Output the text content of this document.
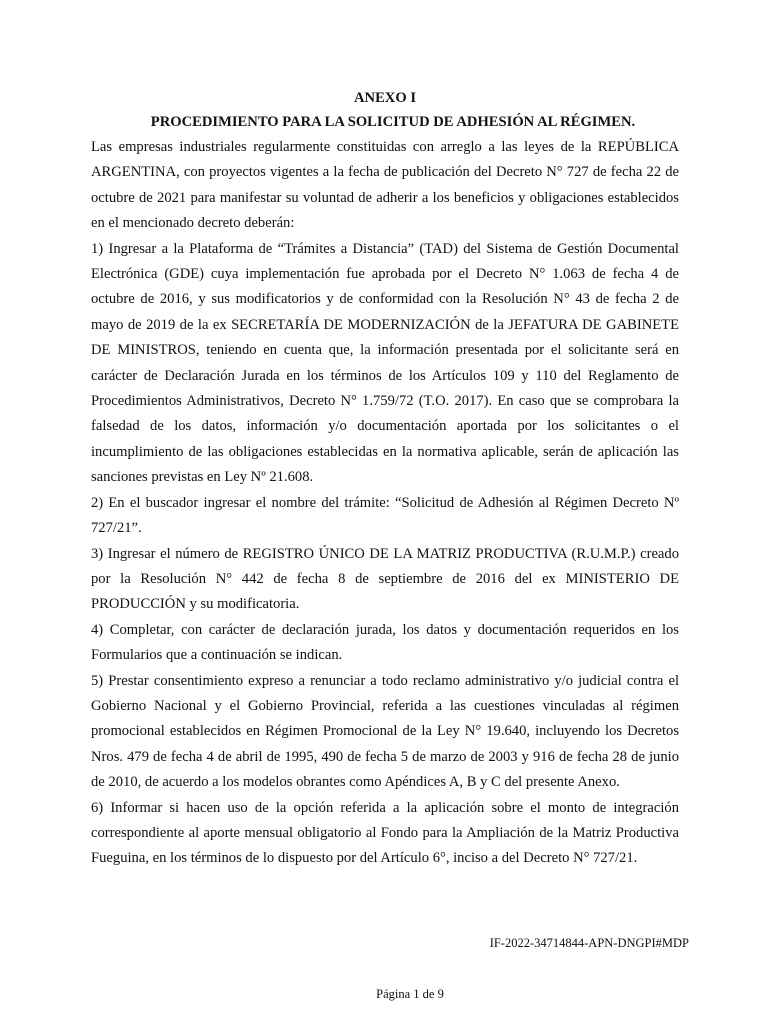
ANEXO I

PROCEDIMIENTO PARA LA SOLICITUD DE ADHESIÓN AL RÉGIMEN.

Las empresas industriales regularmente constituidas con arreglo a las leyes de la REPÚBLICA ARGENTINA, con proyectos vigentes a la fecha de publicación del Decreto N° 727 de fecha 22 de octubre de 2021 para manifestar su voluntad de adherir a los beneficios y obligaciones establecidos en el mencionado decreto deberán:

1) Ingresar a la Plataforma de “Trámites a Distancia” (TAD) del Sistema de Gestión Documental Electrónica (GDE) cuya implementación fue aprobada por el Decreto N° 1.063 de fecha 4 de octubre de 2016, y sus modificatorios y de conformidad con la Resolución N° 43 de fecha 2 de mayo de 2019 de la ex SECRETARÍA DE MODERNIZACIÓN de la JEFATURA DE GABINETE DE MINISTROS, teniendo en cuenta que, la información presentada por el solicitante será en carácter de Declaración Jurada en los términos de los Artículos 109 y 110 del Reglamento de Procedimientos Administrativos, Decreto N° 1.759/72 (T.O. 2017). En caso que se comprobara la falsedad de los datos, información y/o documentación aportada por los solicitantes o el incumplimiento de las obligaciones establecidas en la normativa aplicable, serán de aplicación las sanciones previstas en Ley Nº 21.608.

2) En el buscador ingresar el nombre del trámite: “Solicitud de Adhesión al Régimen Decreto Nº 727/21”.

3) Ingresar el número de REGISTRO ÚNICO DE LA MATRIZ PRODUCTIVA (R.U.M.P.) creado por la Resolución N° 442 de fecha 8 de septiembre de 2016 del ex MINISTERIO DE PRODUCCIÓN y su modificatoria.

4) Completar, con carácter de declaración jurada, los datos y documentación requeridos en los Formularios que a continuación se indican.

5) Prestar consentimiento expreso a renunciar a todo reclamo administrativo y/o judicial contra el Gobierno Nacional y el Gobierno Provincial, referida a las cuestiones vinculadas al régimen promocional establecidos en Régimen Promocional de la Ley N° 19.640, incluyendo los Decretos Nros. 479 de fecha 4 de abril de 1995, 490 de fecha 5 de marzo de 2003 y 916 de fecha 28 de junio de 2010, de acuerdo a los modelos obrantes como Apéndices A, B y C del presente Anexo.

6) Informar si hacen uso de la opción referida a la aplicación sobre el monto de integración correspondiente al aporte mensual obligatorio al Fondo para la Ampliación de la Matriz Productiva Fueguina, en los términos de lo dispuesto por del Artículo 6°, inciso a del Decreto N° 727/21.

IF-2022-34714844-APN-DNGPI#MDP
Página 1 de 9
